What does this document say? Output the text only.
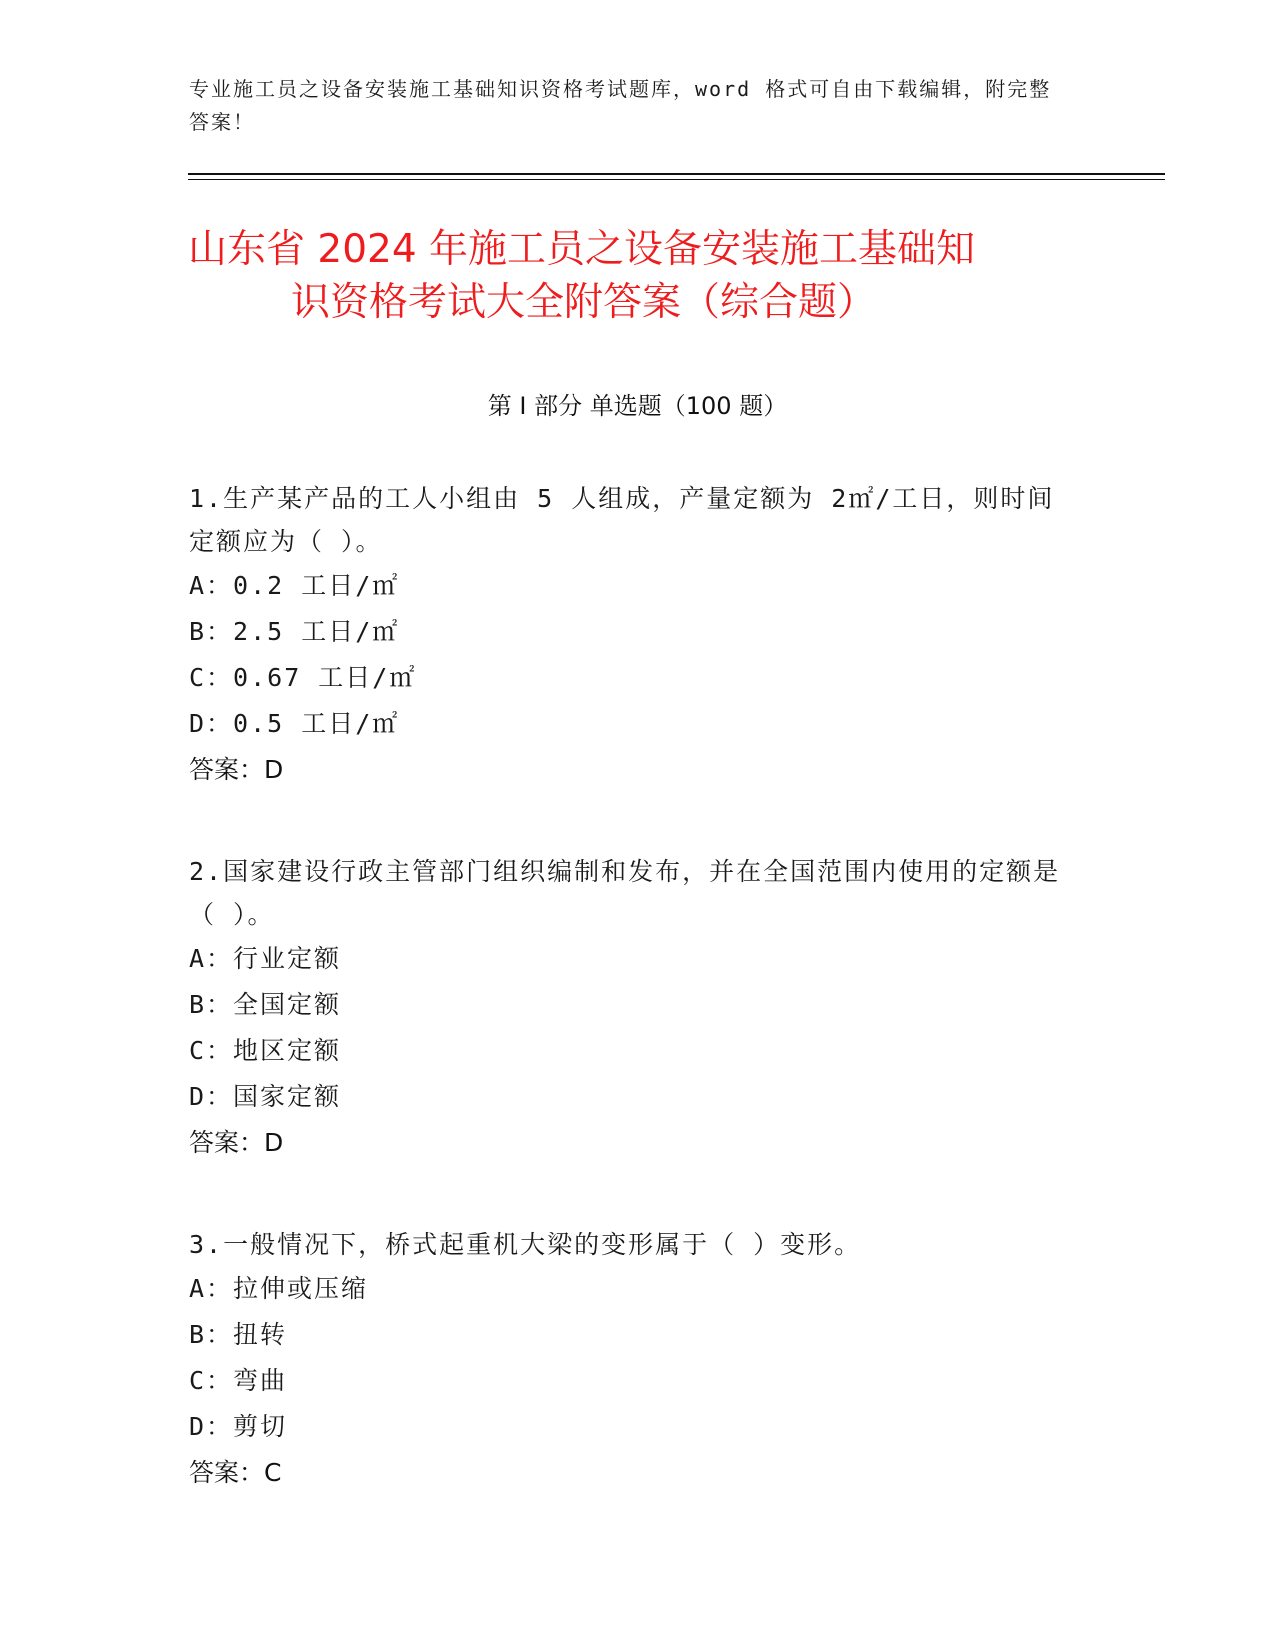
专业施工员之设备安装施工基础知识资格考试题库，word 格式可自由下载编辑，附完整答案！
山东省 2024 年施工员之设备安装施工基础知
识资格考试大全附答案（综合题）
第 I 部分 单选题（100 题）
1.生产某产品的工人小组由 5 人组成，产量定额为 2㎡/工日，则时间定额应为（ ）。
A：0.2 工日/㎡
B：2.5 工日/㎡
C：0.67 工日/㎡
D：0.5 工日/㎡
答案：D
2.国家建设行政主管部门组织编制和发布，并在全国范围内使用的定额是（ ）。
A：行业定额
B：全国定额
C：地区定额
D：国家定额
答案：D
3.一般情况下，桥式起重机大梁的变形属于（ ）变形。
A：拉伸或压缩
B：扭转
C：弯曲
D：剪切
答案：C
